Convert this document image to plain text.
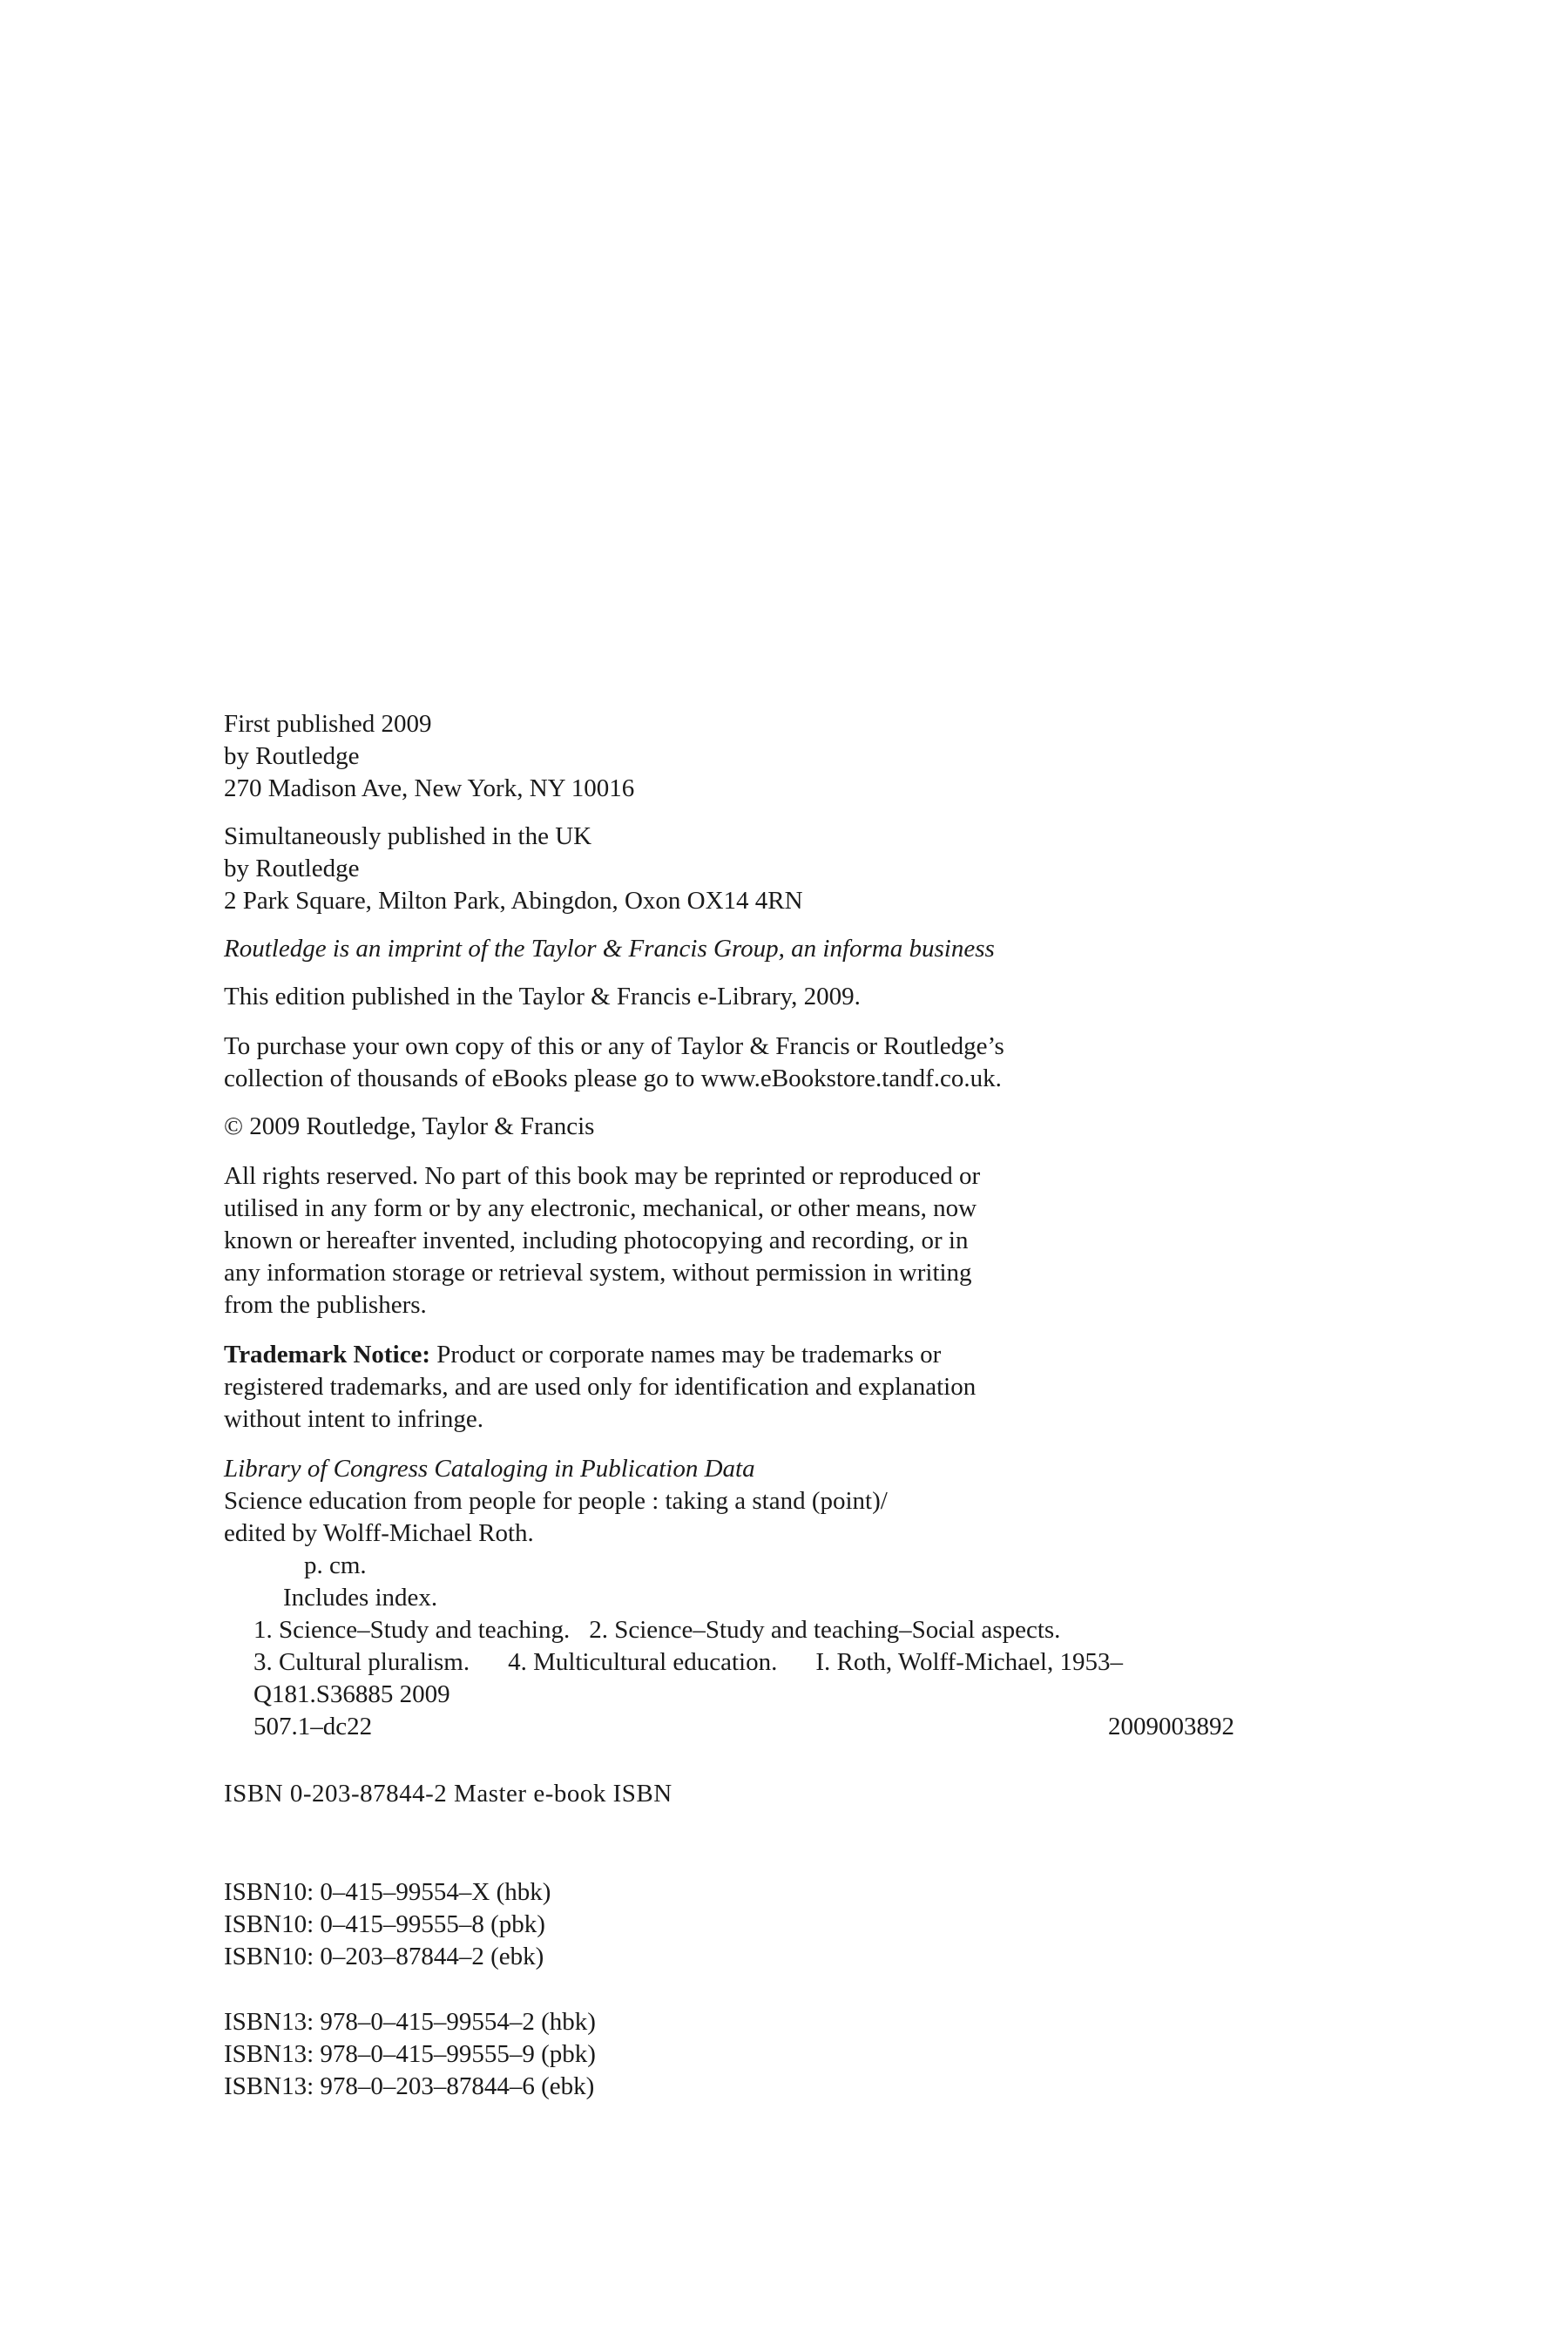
First published 2009
by Routledge
270 Madison Ave, New York, NY 10016
Simultaneously published in the UK
by Routledge
2 Park Square, Milton Park, Abingdon, Oxon OX14 4RN
Routledge is an imprint of the Taylor & Francis Group, an informa business
This edition published in the Taylor & Francis e-Library, 2009.
To purchase your own copy of this or any of Taylor & Francis or Routledge’s
collection of thousands of eBooks please go to www.eBookstore.tandf.co.uk.
© 2009 Routledge, Taylor & Francis
All rights reserved. No part of this book may be reprinted or reproduced or
utilised in any form or by any electronic, mechanical, or other means, now
known or hereafter invented, including photocopying and recording, or in
any information storage or retrieval system, without permission in writing
from the publishers.
Trademark Notice: Product or corporate names may be trademarks or
registered trademarks, and are used only for identification and explanation
without intent to infringe.
Library of Congress Cataloging in Publication Data
Science education from people for people : taking a stand (point)/
edited by Wolff-Michael Roth.
p. cm.
Includes index.
1. Science–Study and teaching. 2. Science–Study and teaching–Social aspects.
3. Cultural pluralism. 4. Multicultural education. I. Roth, Wolff-Michael, 1953–
Q181.S36885 2009
507.1–dc22	2009003892
ISBN 0-203-87844-2 Master e-book ISBN
ISBN10: 0–415–99554–X (hbk)
ISBN10: 0–415–99555–8 (pbk)
ISBN10: 0–203–87844–2 (ebk)
ISBN13: 978–0–415–99554–2 (hbk)
ISBN13: 978–0–415–99555–9 (pbk)
ISBN13: 978–0–203–87844–6 (ebk)
